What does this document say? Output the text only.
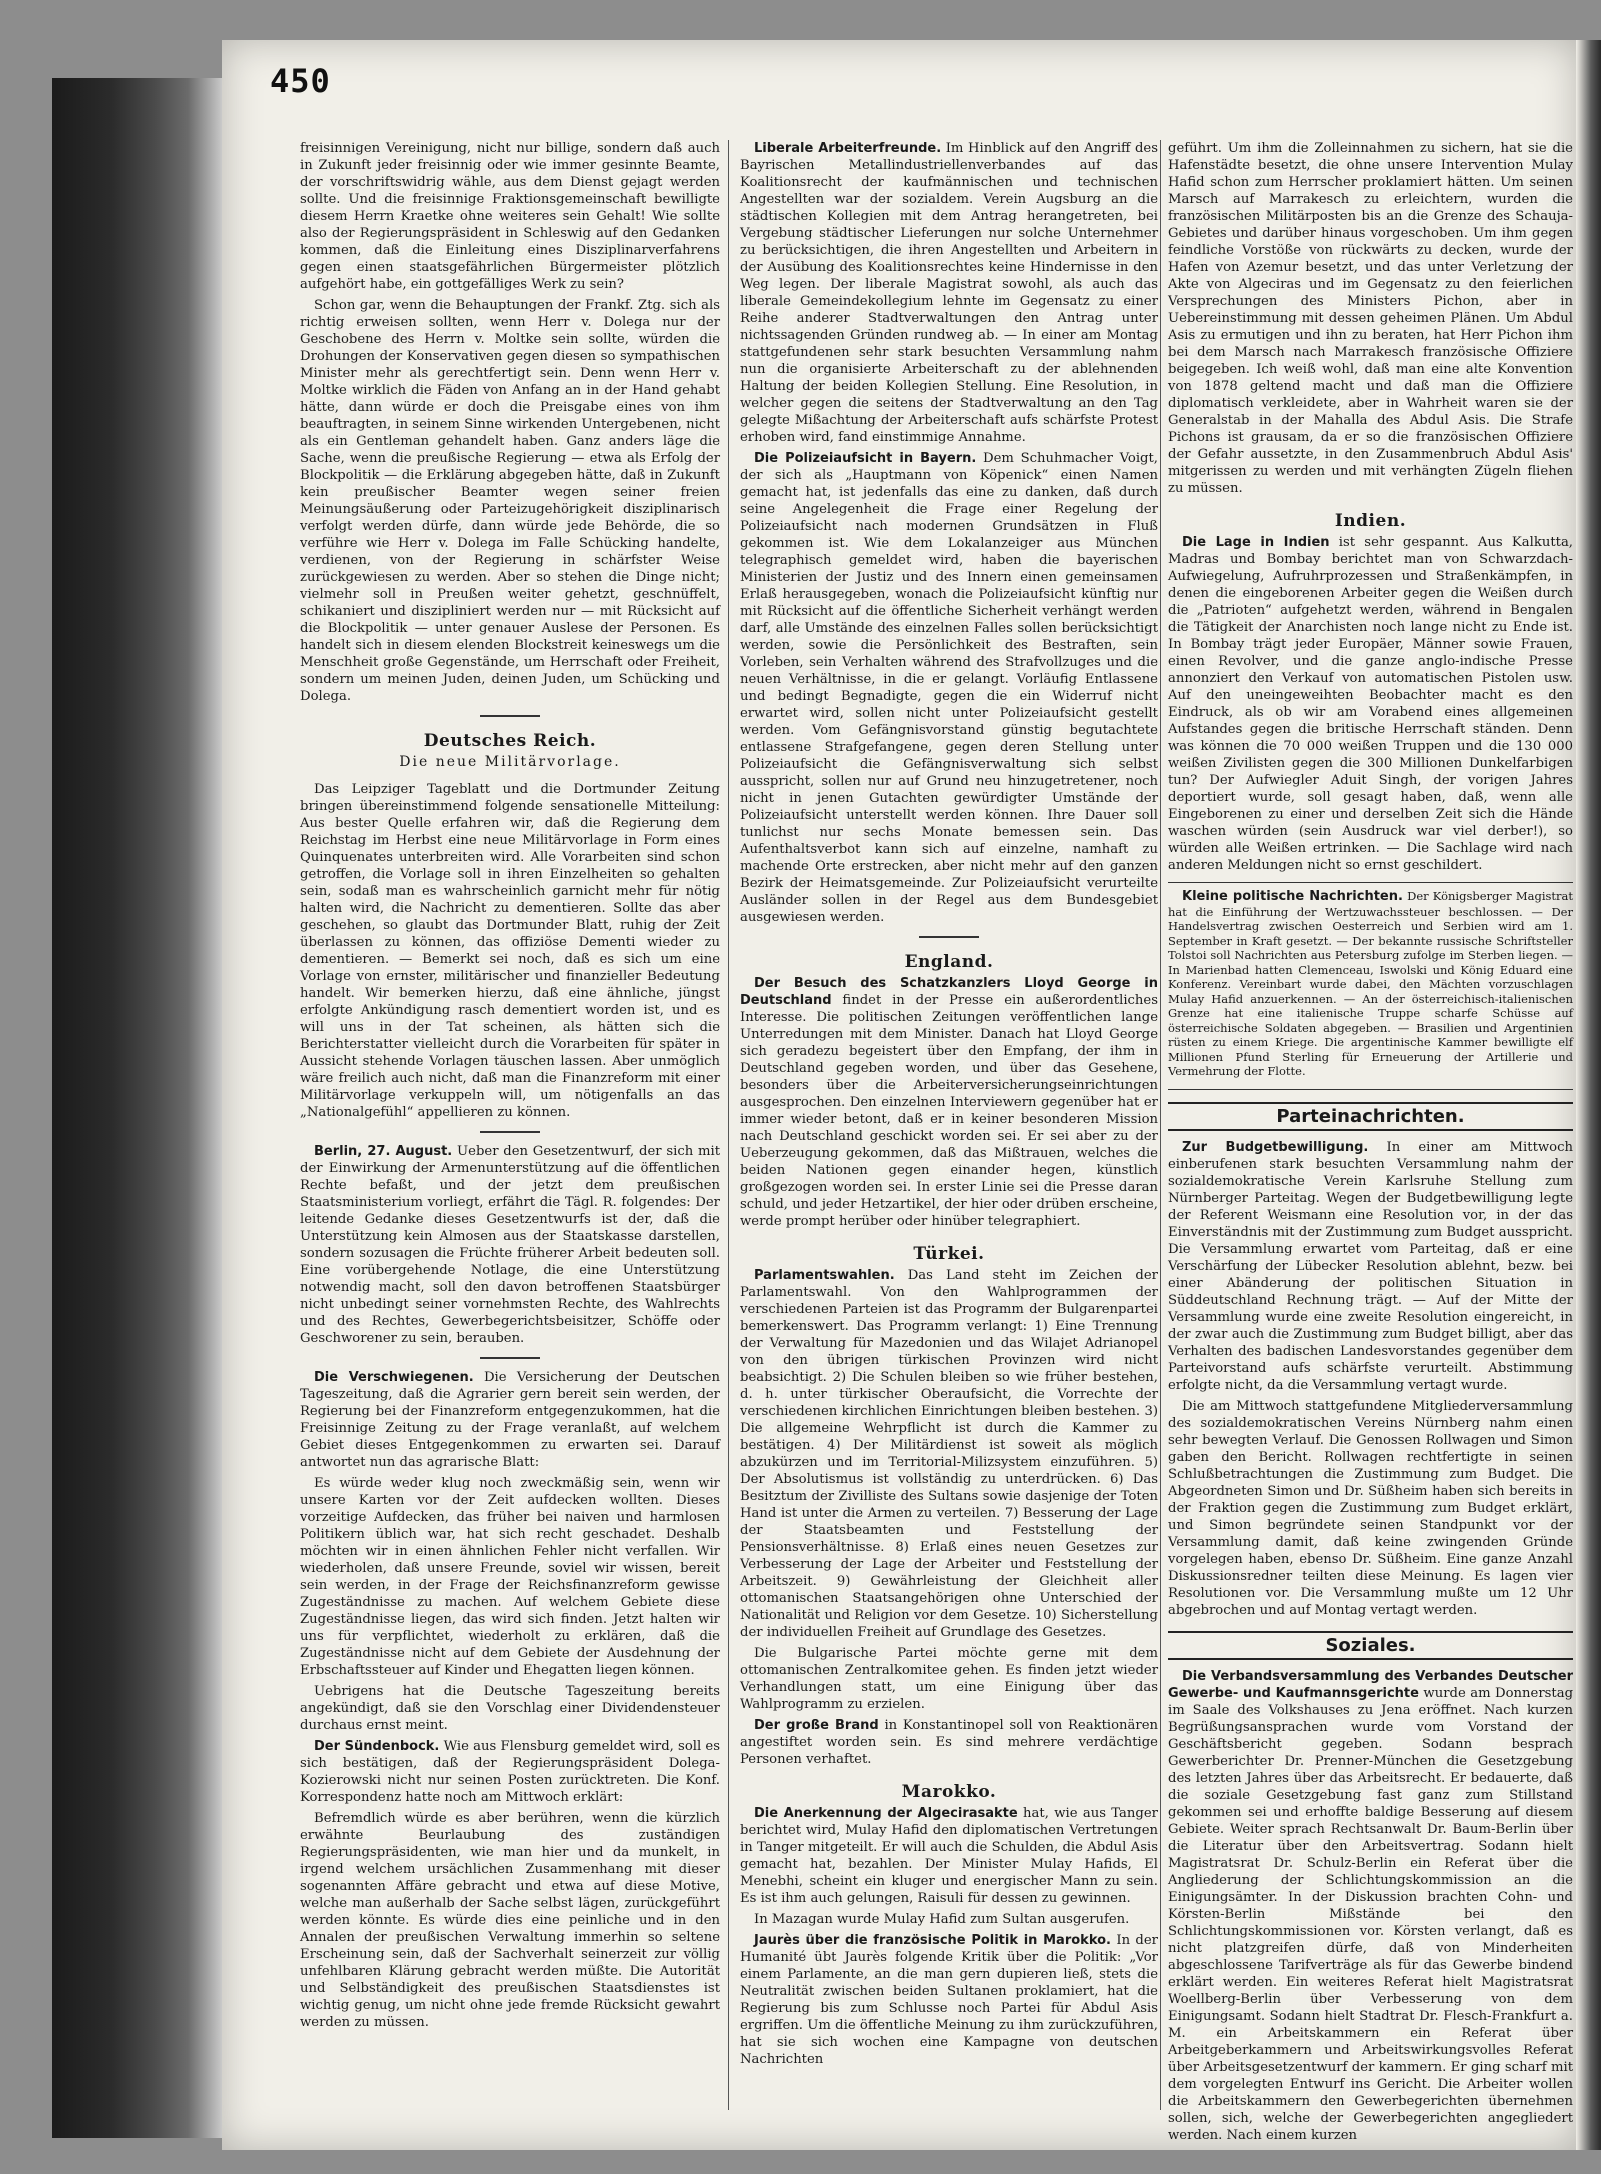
450

freisinnigen Vereinigung, nicht nur billige, sondern daß auch in Zukunft jeder freisinnig oder wie immer gesinnte Beamte, der vorschriftswidrig wähle, aus dem Dienst gejagt werden sollte. Und die freisinnige Fraktionsgemeinschaft bewilligte diesem Herrn Kraetke ohne weiteres sein Gehalt! Wie sollte also der Regierungspräsident in Schleswig auf den Gedanken kommen, daß die Einleitung eines Disziplinarverfahrens gegen einen staatsgefährlichen Bürgermeister plötzlich aufgehört habe, ein gottgefälliges Werk zu sein?

Schon gar, wenn die Behauptungen der Frankf. Ztg. sich als richtig erweisen sollten, wenn Herr v. Dolega nur der Geschobene des Herrn v. Moltke sein sollte, würden die Drohungen der Konservativen gegen diesen so sympathischen Minister mehr als gerechtfertigt sein. Denn wenn Herr v. Moltke wirklich die Fäden von Anfang an in der Hand gehabt hätte, dann würde er doch die Preisgabe eines von ihm beauftragten, in seinem Sinne wirkenden Untergebenen, nicht als ein Gentleman gehandelt haben. Ganz anders läge die Sache, wenn die preußische Regierung — etwa als Erfolg der Blockpolitik — die Erklärung abgegeben hätte, daß in Zukunft kein preußischer Beamter wegen seiner freien Meinungsäußerung oder Parteizugehörigkeit disziplinarisch verfolgt werden dürfe, dann würde jede Behörde, die so verführe wie Herr v. Dolega im Falle Schücking handelte, verdienen, von der Regierung in schärfster Weise zurückgewiesen zu werden. Aber so stehen die Dinge nicht; vielmehr soll in Preußen weiter gehetzt, geschnüffelt, schikaniert und diszipliniert werden nur — mit Rücksicht auf die Blockpolitik — unter genauer Auslese der Personen. Es handelt sich in diesem elenden Blockstreit keineswegs um die Menschheit große Gegenstände, um Herrschaft oder Freiheit, sondern um meinen Juden, deinen Juden, um Schücking und Dolega.

Deutsches Reich.
Die neue Militärvorlage.

Das Leipziger Tageblatt und die Dortmunder Zeitung bringen übereinstimmend folgende sensationelle Mitteilung: Aus bester Quelle erfahren wir, daß die Regierung dem Reichstag im Herbst eine neue Militärvorlage in Form eines Quinquenates unterbreiten wird. Alle Vorarbeiten sind schon getroffen, die Vorlage soll in ihren Einzelheiten so gehalten sein, sodaß man es wahrscheinlich garnicht mehr für nötig halten wird, die Nachricht zu dementieren. Sollte das aber geschehen, so glaubt das Dortmunder Blatt, ruhig der Zeit überlassen zu können, das offiziöse Dementi wieder zu dementieren. — Bemerkt sei noch, daß es sich um eine Vorlage von ernster, militärischer und finanzieller Bedeutung handelt. Wir bemerken hierzu, daß eine ähnliche, jüngst erfolgte Ankündigung rasch dementiert worden ist, und es will uns in der Tat scheinen, als hätten sich die Berichterstatter vielleicht durch die Vorarbeiten für später in Aussicht stehende Vorlagen täuschen lassen. Aber unmöglich wäre freilich auch nicht, daß man die Finanzreform mit einer Militärvorlage verkuppeln will, um nötigenfalls an das „Nationalgefühl“ appellieren zu können.

Berlin, 27. August. Ueber den Gesetzentwurf, der sich mit der Einwirkung der Armenunterstützung auf die öffentlichen Rechte befaßt, und der jetzt dem preußischen Staatsministerium vorliegt, erfährt die Tägl. R. folgendes: Der leitende Gedanke dieses Gesetzentwurfs ist der, daß die Unterstützung kein Almosen aus der Staatskasse darstellen, sondern sozusagen die Früchte früherer Arbeit bedeuten soll. Eine vorübergehende Notlage, die eine Unterstützung notwendig macht, soll den davon betroffenen Staatsbürger nicht unbedingt seiner vornehmsten Rechte, des Wahlrechts und des Rechtes, Gewerbegerichtsbeisitzer, Schöffe oder Geschworener zu sein, berauben.

Die Verschwiegenen. Die Versicherung der Deutschen Tageszeitung, daß die Agrarier gern bereit sein werden, der Regierung bei der Finanzreform entgegenzukommen, hat die Freisinnige Zeitung zu der Frage veranlaßt, auf welchem Gebiet dieses Entgegenkommen zu erwarten sei. Darauf antwortet nun das agrarische Blatt:

Es würde weder klug noch zweckmäßig sein, wenn wir unsere Karten vor der Zeit aufdecken wollten. Dieses vorzeitige Aufdecken, das früher bei naiven und harmlosen Politikern üblich war, hat sich recht geschadet. Deshalb möchten wir in einen ähnlichen Fehler nicht verfallen. Wir wiederholen, daß unsere Freunde, soviel wir wissen, bereit sein werden, in der Frage der Reichsfinanzreform gewisse Zugeständnisse zu machen. Auf welchem Gebiete diese Zugeständnisse liegen, das wird sich finden. Jetzt halten wir uns für verpflichtet, wiederholt zu erklären, daß die Zugeständnisse nicht auf dem Gebiete der Ausdehnung der Erbschaftssteuer auf Kinder und Ehegatten liegen können.

Uebrigens hat die Deutsche Tageszeitung bereits angekündigt, daß sie den Vorschlag einer Dividendensteuer durchaus ernst meint.

Der Sündenbock. Wie aus Flensburg gemeldet wird, soll es sich bestätigen, daß der Regierungspräsident Dolega-Kozierowski nicht nur seinen Posten zurücktreten. Die Konf. Korrespondenz hatte noch am Mittwoch erklärt:

Befremdlich würde es aber berühren, wenn die kürzlich erwähnte Beurlaubung des zuständigen Regierungspräsidenten, wie man hier und da munkelt, in irgend welchem ursächlichen Zusammenhang mit dieser sogenannten Affäre gebracht und etwa auf diese Motive, welche man außerhalb der Sache selbst lägen, zurückgeführt werden könnte. Es würde dies eine peinliche und in den Annalen der preußischen Verwaltung immerhin so seltene Erscheinung sein, daß der Sachverhalt seinerzeit zur völlig unfehlbaren Klärung gebracht werden müßte. Die Autorität und Selbständigkeit des preußischen Staatsdienstes ist wichtig genug, um nicht ohne jede fremde Rücksicht gewahrt werden zu müssen.

Liberale Arbeiterfreunde. Im Hinblick auf den Angriff des Bayrischen Metallindustriellenverbandes auf das Koalitionsrecht der kaufmännischen und technischen Angestellten war der sozialdem. Verein Augsburg an die städtischen Kollegien mit dem Antrag herangetreten, bei Vergebung städtischer Lieferungen nur solche Unternehmer zu berücksichtigen, die ihren Angestellten und Arbeitern in der Ausübung des Koalitionsrechtes keine Hindernisse in den Weg legen. Der liberale Magistrat sowohl, als auch das liberale Gemeindekollegium lehnte im Gegensatz zu einer Reihe anderer Stadtverwaltungen den Antrag unter nichtssagenden Gründen rundweg ab. — In einer am Montag stattgefundenen sehr stark besuchten Versammlung nahm nun die organisierte Arbeiterschaft zu der ablehnenden Haltung der beiden Kollegien Stellung. Eine Resolution, in welcher gegen die seitens der Stadtverwaltung an den Tag gelegte Mißachtung der Arbeiterschaft aufs schärfste Protest erhoben wird, fand einstimmige Annahme.

Die Polizeiaufsicht in Bayern. Dem Schuhmacher Voigt, der sich als „Hauptmann von Köpenick“ einen Namen gemacht hat, ist jedenfalls das eine zu danken, daß durch seine Angelegenheit die Frage einer Regelung der Polizeiaufsicht nach modernen Grundsätzen in Fluß gekommen ist. Wie dem Lokalanzeiger aus München telegraphisch gemeldet wird, haben die bayerischen Ministerien der Justiz und des Innern einen gemeinsamen Erlaß herausgegeben, wonach die Polizeiaufsicht künftig nur mit Rücksicht auf die öffentliche Sicherheit verhängt werden darf, alle Umstände des einzelnen Falles sollen berücksichtigt werden, sowie die Persönlichkeit des Bestraften, sein Vorleben, sein Verhalten während des Strafvollzuges und die neuen Verhältnisse, in die er gelangt. Vorläufig Entlassene und bedingt Begnadigte, gegen die ein Widerruf nicht erwartet wird, sollen nicht unter Polizeiaufsicht gestellt werden. Vom Gefängnisvorstand günstig begutachtete entlassene Strafgefangene, gegen deren Stellung unter Polizeiaufsicht die Gefängnisverwaltung sich selbst ausspricht, sollen nur auf Grund neu hinzugetretener, noch nicht in jenen Gutachten gewürdigter Umstände der Polizeiaufsicht unterstellt werden können. Ihre Dauer soll tunlichst nur sechs Monate bemessen sein. Das Aufenthaltsverbot kann sich auf einzelne, namhaft zu machende Orte erstrecken, aber nicht mehr auf den ganzen Bezirk der Heimatsgemeinde. Zur Polizeiaufsicht verurteilte Ausländer sollen in der Regel aus dem Bundesgebiet ausgewiesen werden.

England.

Der Besuch des Schatzkanzlers Lloyd George in Deutschland findet in der Presse ein außerordentliches Interesse. Die politischen Zeitungen veröffentlichen lange Unterredungen mit dem Minister. Danach hat Lloyd George sich geradezu begeistert über den Empfang, der ihm in Deutschland gegeben worden, und über das Gesehene, besonders über die Arbeiterversicherungseinrichtungen ausgesprochen. Den einzelnen Interviewern gegenüber hat er immer wieder betont, daß er in keiner besonderen Mission nach Deutschland geschickt worden sei. Er sei aber zu der Ueberzeugung gekommen, daß das Mißtrauen, welches die beiden Nationen gegen einander hegen, künstlich großgezogen worden sei. In erster Linie sei die Presse daran schuld, und jeder Hetzartikel, der hier oder drüben erscheine, werde prompt herüber oder hinüber telegraphiert.

Türkei.

Parlamentswahlen. Das Land steht im Zeichen der Parlamentswahl. Von den Wahlprogrammen der verschiedenen Parteien ist das Programm der Bulgarenpartei bemerkenswert. Das Programm verlangt: 1) Eine Trennung der Verwaltung für Mazedonien und das Wilajet Adrianopel von den übrigen türkischen Provinzen wird nicht beabsichtigt. 2) Die Schulen bleiben so wie früher bestehen, d. h. unter türkischer Oberaufsicht, die Vorrechte der verschiedenen kirchlichen Einrichtungen bleiben bestehen. 3) Die allgemeine Wehrpflicht ist durch die Kammer zu bestätigen. 4) Der Militärdienst ist soweit als möglich abzukürzen und im Territorial-Milizsystem einzuführen. 5) Der Absolutismus ist vollständig zu unterdrücken. 6) Das Besitztum der Zivilliste des Sultans sowie dasjenige der Toten Hand ist unter die Armen zu verteilen. 7) Besserung der Lage der Staatsbeamten und Feststellung der Pensionsverhältnisse. 8) Erlaß eines neuen Gesetzes zur Verbesserung der Lage der Arbeiter und Feststellung der Arbeitszeit. 9) Gewährleistung der Gleichheit aller ottomanischen Staatsangehörigen ohne Unterschied der Nationalität und Religion vor dem Gesetze. 10) Sicherstellung der individuellen Freiheit auf Grundlage des Gesetzes.

Die Bulgarische Partei möchte gerne mit dem ottomanischen Zentralkomitee gehen. Es finden jetzt wieder Verhandlungen statt, um eine Einigung über das Wahlprogramm zu erzielen.

Der große Brand in Konstantinopel soll von Reaktionären angestiftet worden sein. Es sind mehrere verdächtige Personen verhaftet.

Marokko.

Die Anerkennung der Algecirasakte hat, wie aus Tanger berichtet wird, Mulay Hafid den diplomatischen Vertretungen in Tanger mitgeteilt. Er will auch die Schulden, die Abdul Asis gemacht hat, bezahlen. Der Minister Mulay Hafids, El Menebhi, scheint ein kluger und energischer Mann zu sein. Es ist ihm auch gelungen, Raisuli für dessen zu gewinnen.

In Mazagan wurde Mulay Hafid zum Sultan ausgerufen.

Jaurès über die französische Politik in Marokko. In der Humanité übt Jaurès folgende Kritik über die Politik: „Vor einem Parlamente, an die man gern dupieren ließ, stets die Neutralität zwischen beiden Sultanen proklamiert, hat die Regierung bis zum Schlusse noch Partei für Abdul Asis ergriffen. Um die öffentliche Meinung zu ihm zurückzuführen, hat sie sich wochen eine Kampagne von deutschen Nachrichten

geführt. Um ihm die Zolleinnahmen zu sichern, hat sie die Hafenstädte besetzt, die ohne unsere Intervention Mulay Hafid schon zum Herrscher proklamiert hätten. Um seinen Marsch auf Marrakesch zu erleichtern, wurden die französischen Militärposten bis an die Grenze des Schauja-Gebietes und darüber hinaus vorgeschoben. Um ihm gegen feindliche Vorstöße von rückwärts zu decken, wurde der Hafen von Azemur besetzt, und das unter Verletzung der Akte von Algeciras und im Gegensatz zu den feierlichen Versprechungen des Ministers Pichon, aber in Uebereinstimmung mit dessen geheimen Plänen. Um Abdul Asis zu ermutigen und ihn zu beraten, hat Herr Pichon ihm bei dem Marsch nach Marrakesch französische Offiziere beigegeben. Ich weiß wohl, daß man eine alte Konvention von 1878 geltend macht und daß man die Offiziere diplomatisch verkleidete, aber in Wahrheit waren sie der Generalstab in der Mahalla des Abdul Asis. Die Strafe Pichons ist grausam, da er so die französischen Offiziere der Gefahr aussetzte, in den Zusammenbruch Abdul Asis' mitgerissen zu werden und mit verhängten Zügeln fliehen zu müssen.

Indien.

Die Lage in Indien ist sehr gespannt. Aus Kalkutta, Madras und Bombay berichtet man von Schwarzdach-Aufwiegelung, Aufruhrprozessen und Straßenkämpfen, in denen die eingeborenen Arbeiter gegen die Weißen durch die „Patrioten“ aufgehetzt werden, während in Bengalen die Tätigkeit der Anarchisten noch lange nicht zu Ende ist. In Bombay trägt jeder Europäer, Männer sowie Frauen, einen Revolver, und die ganze anglo-indische Presse annonziert den Verkauf von automatischen Pistolen usw. Auf den uneingeweihten Beobachter macht es den Eindruck, als ob wir am Vorabend eines allgemeinen Aufstandes gegen die britische Herrschaft ständen. Denn was können die 70 000 weißen Truppen und die 130 000 weißen Zivilisten gegen die 300 Millionen Dunkelfarbigen tun? Der Aufwiegler Aduit Singh, der vorigen Jahres deportiert wurde, soll gesagt haben, daß, wenn alle Eingeborenen zu einer und derselben Zeit sich die Hände waschen würden (sein Ausdruck war viel derber!), so würden alle Weißen ertrinken. — Die Sachlage wird nach anderen Meldungen nicht so ernst geschildert.

Kleine politische Nachrichten. Der Königsberger Magistrat hat die Einführung der Wertzuwachssteuer beschlossen. — Der Handelsvertrag zwischen Oesterreich und Serbien wird am 1. September in Kraft gesetzt. — Der bekannte russische Schriftsteller Tolstoi soll Nachrichten aus Petersburg zufolge im Sterben liegen. — In Marienbad hatten Clemenceau, Iswolski und König Eduard eine Konferenz. Vereinbart wurde dabei, den Mächten vorzuschlagen Mulay Hafid anzuerkennen. — An der österreichisch-italienischen Grenze hat eine italienische Truppe scharfe Schüsse auf österreichische Soldaten abgegeben. — Brasilien und Argentinien rüsten zu einem Kriege. Die argentinische Kammer bewilligte elf Millionen Pfund Sterling für Erneuerung der Artillerie und Vermehrung der Flotte.

Parteinachrichten.

Zur Budgetbewilligung. In einer am Mittwoch einberufenen stark besuchten Versammlung nahm der sozialdemokratische Verein Karlsruhe Stellung zum Nürnberger Parteitag. Wegen der Budgetbewilligung legte der Referent Weismann eine Resolution vor, in der das Einverständnis mit der Zustimmung zum Budget ausspricht. Die Versammlung erwartet vom Parteitag, daß er eine Verschärfung der Lübecker Resolution ablehnt, bezw. bei einer Abänderung der politischen Situation in Süddeutschland Rechnung trägt. — Auf der Mitte der Versammlung wurde eine zweite Resolution eingereicht, in der zwar auch die Zustimmung zum Budget billigt, aber das Verhalten des badischen Landesvorstandes gegenüber dem Parteivorstand aufs schärfste verurteilt. Abstimmung erfolgte nicht, da die Versammlung vertagt wurde.

Die am Mittwoch stattgefundene Mitgliederversammlung des sozialdemokratischen Vereins Nürnberg nahm einen sehr bewegten Verlauf. Die Genossen Rollwagen und Simon gaben den Bericht. Rollwagen rechtfertigte in seinen Schlußbetrachtungen die Zustimmung zum Budget. Die Abgeordneten Simon und Dr. Süßheim haben sich bereits in der Fraktion gegen die Zustimmung zum Budget erklärt, und Simon begründete seinen Standpunkt vor der Versammlung damit, daß keine zwingenden Gründe vorgelegen haben, ebenso Dr. Süßheim. Eine ganze Anzahl Diskussionsredner teilten diese Meinung. Es lagen vier Resolutionen vor. Die Versammlung mußte um 12 Uhr abgebrochen und auf Montag vertagt werden.

Soziales.

Die Verbandsversammlung des Verbandes Deutscher Gewerbe- und Kaufmannsgerichte wurde am Donnerstag im Saale des Volkshauses zu Jena eröffnet. Nach kurzen Begrüßungsansprachen wurde vom Vorstand der Geschäftsbericht gegeben. Sodann besprach Gewerberichter Dr. Prenner-München die Gesetzgebung des letzten Jahres über das Arbeitsrecht. Er bedauerte, daß die soziale Gesetzgebung fast ganz zum Stillstand gekommen sei und erhoffte baldige Besserung auf diesem Gebiete. Weiter sprach Rechtsanwalt Dr. Baum-Berlin über die Literatur über den Arbeitsvertrag. Sodann hielt Magistratsrat Dr. Schulz-Berlin ein Referat über die Angliederung der Schlichtungskommission an die Einigungsämter. In der Diskussion brachten Cohn- und Körsten-Berlin Mißstände bei den Schlichtungskommissionen vor. Körsten verlangt, daß es nicht platzgreifen dürfe, daß von Minderheiten abgeschlossene Tarifverträge als für das Gewerbe bindend erklärt werden. Ein weiteres Referat hielt Magistratsrat Woellberg-Berlin über Verbesserung von dem Einigungsamt. Sodann hielt Stadtrat Dr. Flesch-Frankfurt a. M. ein Arbeitskammern ein Referat über Arbeitgeberkammern und Arbeitswirkungsvolles Referat über Arbeitsgesetzentwurf der kammern. Er ging scharf mit dem vorgelegten Entwurf ins Gericht. Die Arbeiter wollen die Arbeitskammern den Gewerbegerichten übernehmen sollen, sich, welche der Gewerbegerichten angegliedert werden. Nach einem kurzen
